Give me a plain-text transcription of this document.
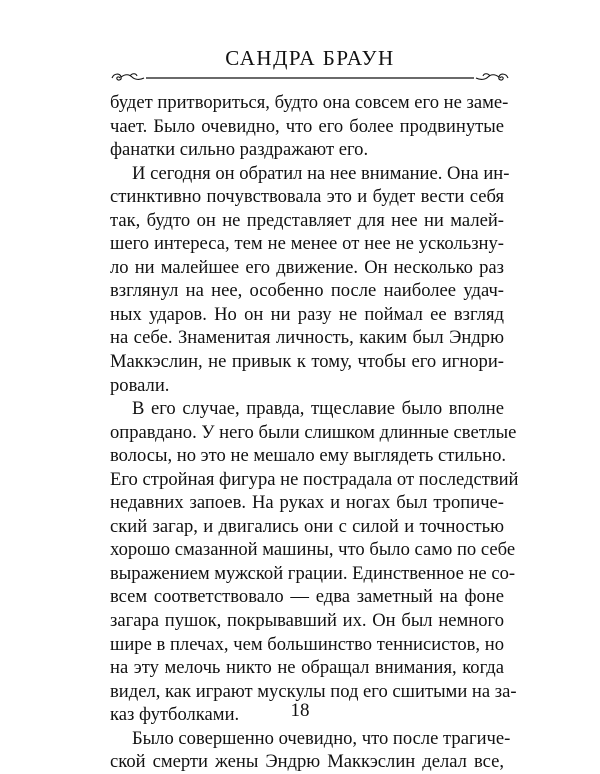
САНДРА БРАУН
будет притвориться, будто она совсем его не заме-
чает. Было очевидно, что его более продвинутые
фанатки сильно раздражают его.
И сегодня он обратил на нее внимание. Она ин-
стинктивно почувствовала это и будет вести себя
так, будто он не представляет для нее ни малей-
шего интереса, тем не менее от нее не ускользну-
ло ни малейшее его движение. Он несколько раз
взглянул на нее, особенно после наиболее удач-
ных ударов. Но он ни разу не поймал ее взгляд
на себе. Знаменитая личность, каким был Эндрю
Маккэслин, не привык к тому, чтобы его игнори-
ровали.
В его случае, правда, тщеславие было вполне
оправдано. У него были слишком длинные светлые
волосы, но это не мешало ему выглядеть стильно.
Его стройная фигура не пострадала от последствий
недавних запоев. На руках и ногах был тропиче-
ский загар, и двигались они с силой и точностью
хорошо смазанной машины, что было само по себе
выражением мужской грации. Единственное не со-
всем соответствовало — едва заметный на фоне
загара пушок, покрывавший их. Он был немного
шире в плечах, чем большинство теннисистов, но
на эту мелочь никто не обращал внимания, когда
видел, как играют мускулы под его сшитыми на за-
каз футболками.
Было совершенно очевидно, что после трагиче-
ской смерти жены Эндрю Маккэслин делал все,
18
